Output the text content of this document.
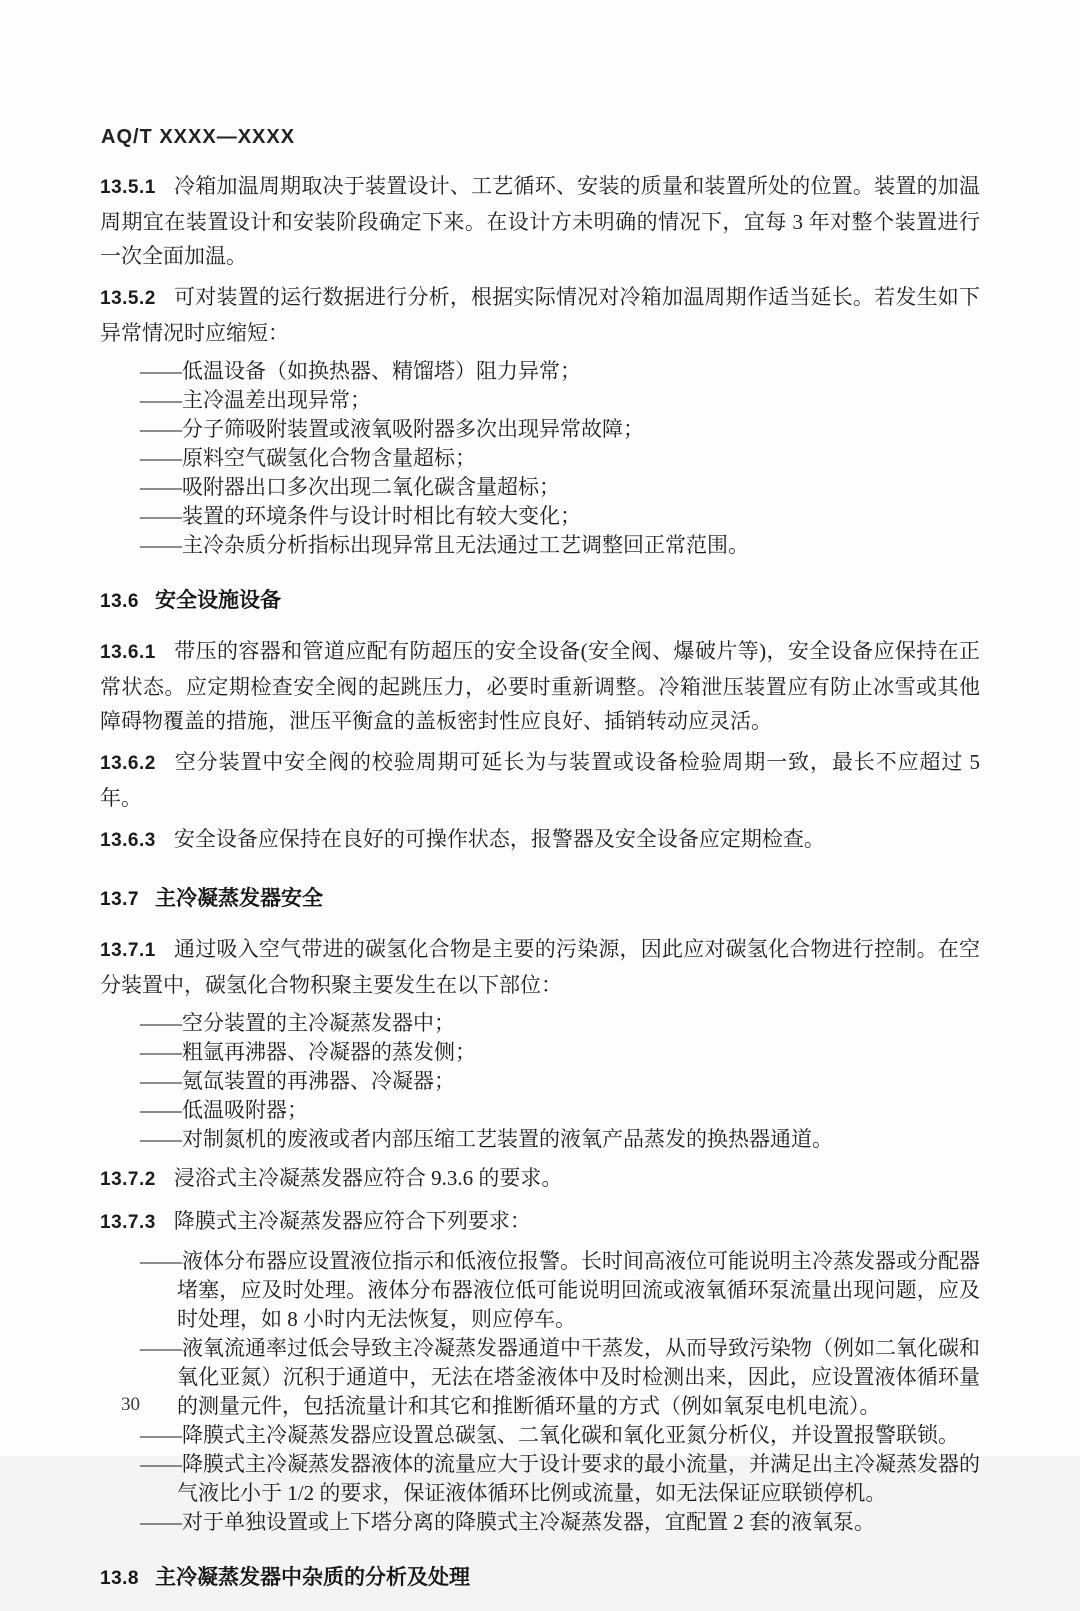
AQ/T XXXX—XXXX

13.5.1 冷箱加温周期取决于装置设计、工艺循环、安装的质量和装置所处的位置。装置的加温周期宜在装置设计和安装阶段确定下来。在设计方未明确的情况下，宜每 3 年对整个装置进行一次全面加温。

13.5.2 可对装置的运行数据进行分析，根据实际情况对冷箱加温周期作适当延长。若发生如下异常情况时应缩短：

——低温设备（如换热器、精馏塔）阻力异常；

——主冷温差出现异常；

——分子筛吸附装置或液氧吸附器多次出现异常故障；

——原料空气碳氢化合物含量超标；

——吸附器出口多次出现二氧化碳含量超标；

——装置的环境条件与设计时相比有较大变化；

——主冷杂质分析指标出现异常且无法通过工艺调整回正常范围。

13.6 安全设施设备

13.6.1 带压的容器和管道应配有防超压的安全设备(安全阀、爆破片等)，安全设备应保持在正常状态。应定期检查安全阀的起跳压力，必要时重新调整。冷箱泄压装置应有防止冰雪或其他障碍物覆盖的措施，泄压平衡盒的盖板密封性应良好、插销转动应灵活。

13.6.2 空分装置中安全阀的校验周期可延长为与装置或设备检验周期一致，最长不应超过 5 年。

13.6.3 安全设备应保持在良好的可操作状态，报警器及安全设备应定期检查。

13.7 主冷凝蒸发器安全

13.7.1 通过吸入空气带进的碳氢化合物是主要的污染源，因此应对碳氢化合物进行控制。在空分装置中，碳氢化合物积聚主要发生在以下部位：

——空分装置的主冷凝蒸发器中；

——粗氩再沸器、冷凝器的蒸发侧；

——氪氙装置的再沸器、冷凝器；

——低温吸附器；

——对制氮机的废液或者内部压缩工艺装置的液氧产品蒸发的换热器通道。

13.7.2 浸浴式主冷凝蒸发器应符合 9.3.6 的要求。

13.7.3 降膜式主冷凝蒸发器应符合下列要求：

——液体分布器应设置液位指示和低液位报警。长时间高液位可能说明主冷蒸发器或分配器堵塞，应及时处理。液体分布器液位低可能说明回流或液氧循环泵流量出现问题，应及时处理，如 8 小时内无法恢复，则应停车。

——液氧流通率过低会导致主冷凝蒸发器通道中干蒸发，从而导致污染物（例如二氧化碳和氧化亚氮）沉积于通道中，无法在塔釜液体中及时检测出来，因此，应设置液体循环量的测量元件，包括流量计和其它和推断循环量的方式（例如氧泵电机电流）。

——降膜式主冷凝蒸发器应设置总碳氢、二氧化碳和氧化亚氮分析仪，并设置报警联锁。

——降膜式主冷凝蒸发器液体的流量应大于设计要求的最小流量，并满足出主冷凝蒸发器的气液比小于 1/2 的要求，保证液体循环比例或流量，如无法保证应联锁停机。

——对于单独设置或上下塔分离的降膜式主冷凝蒸发器，宜配置 2 套的液氧泵。

13.8 主冷凝蒸发器中杂质的分析及处理
30
